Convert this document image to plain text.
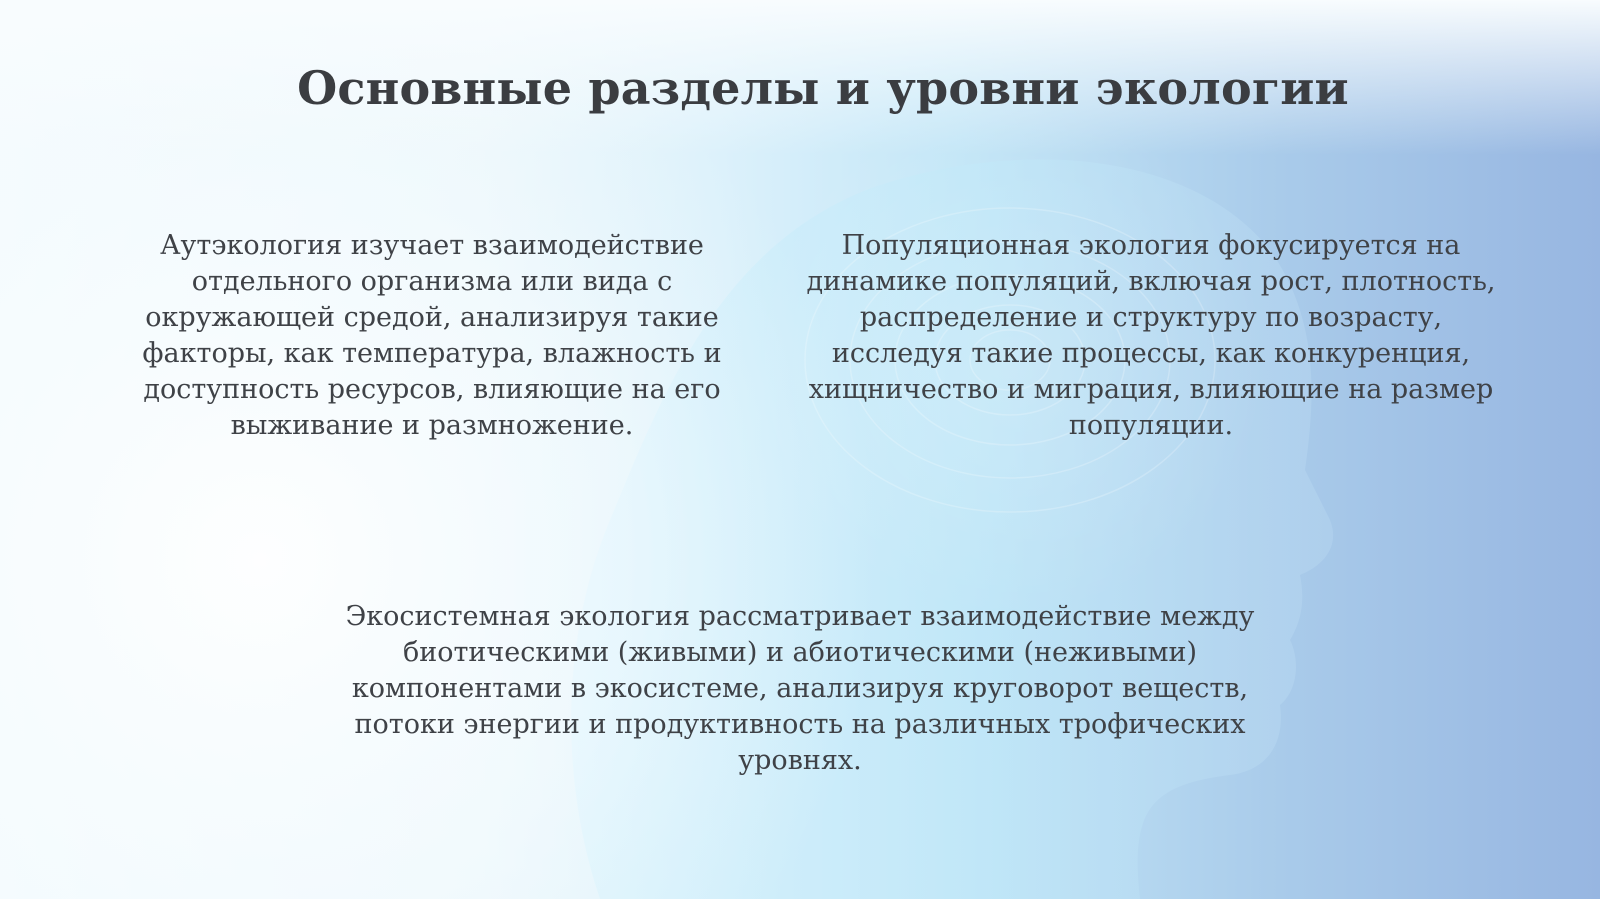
Основные разделы и уровни экологии
Аутэкология изучает взаимодействие отдельного организма или вида с окружающей средой, анализируя такие факторы, как температура, влажность и доступность ресурсов, влияющие на его выживание и размножение.
Популяционная экология фокусируется на динамике популяций, включая рост, плотность, распределение и структуру по возрасту, исследуя такие процессы, как конкуренция, хищничество и миграция, влияющие на размер популяции.
Экосистемная экология рассматривает взаимодействие между биотическими (живыми) и абиотическими (неживыми) компонентами в экосистеме, анализируя круговорот веществ, потоки энергии и продуктивность на различных трофических уровнях.
